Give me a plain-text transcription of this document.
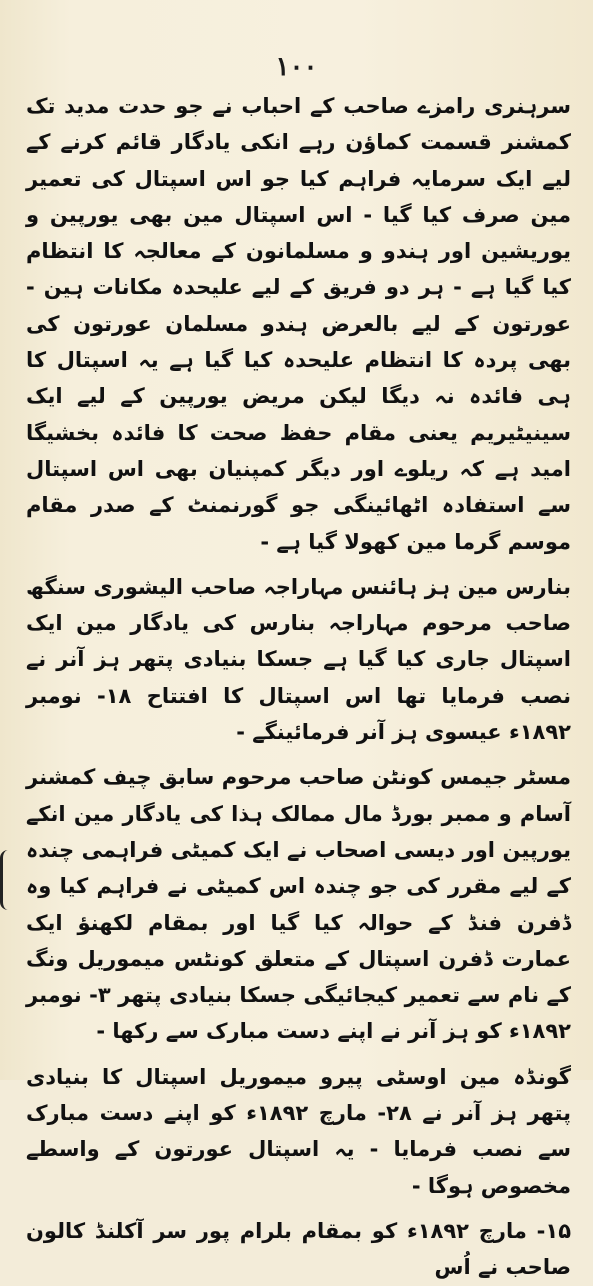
۱۰۰

سرہنری رامزے صاحب کے احباب نے جو حدت مدید تک کمشنر قسمت کماؤن رہے انکی یادگار قائم کرنے کے لیے ایک سرمایہ فراہم کیا جو اس اسپتال کی تعمیر مین صرف کیا گیا - اس اسپتال مین بھی یورپین و یوریشین اور ہندو و مسلمانون کے معالجہ کا انتظام کیا گیا ہے - ہر دو فریق کے لیے علیحدہ مکانات ہین - عورتون کے لیے بالعرض ہندو مسلمان عورتون کی بھی پردہ کا انتظام علیحدہ کیا گیا ہے یہ اسپتال کا ہی فائدہ نہ دیگا لیکن مریض یورپین کے لیے ایک سینیٹیریم یعنی مقام حفظ صحت کا فائدہ بخشیگا امید ہے کہ ریلوے اور دیگر کمپنیان بھی اس اسپتال سے استفادہ اٹھائینگی جو گورنمنٹ کے صدر مقام موسم گرما مین کھولا گیا ہے -

بنارس مین ہز ہائنس مہاراجہ صاحب الیشوری سنگھ صاحب مرحوم مہاراجہ بنارس کی یادگار مین ایک اسپتال جاری کیا گیا ہے جسکا بنیادی پتھر ہز آنر نے نصب فرمایا تھا اس اسپتال کا افتتاح ۱۸- نومبر ۱۸۹۲ء عیسوی ہز آنر فرمائینگے -

مسٹر جیمس کونٹن صاحب مرحوم سابق چیف کمشنر آسام و ممبر بورڈ مال ممالک ہذا کی یادگار مین انکے یورپین اور دیسی اصحاب نے ایک کمیٹی فراہمی چندہ کے لیے مقرر کی جو چندہ اس کمیٹی نے فراہم کیا وہ ڈفرن فنڈ کے حوالہ کیا گیا اور بمقام لکھنؤ ایک عمارت ڈفرن اسپتال کے متعلق کونٹس میموریل ونگ کے نام سے تعمیر کیجائیگی جسکا بنیادی پتھر ۳- نومبر ۱۸۹۲ء کو ہز آنر نے اپنے دست مبارک سے رکھا -

گونڈہ مین اوسٹی پیرو میموریل اسپتال کا بنیادی پتھر ہز آنر نے ۲۸- مارچ ۱۸۹۲ء کو اپنے دست مبارک سے نصب فرمایا - یہ اسپتال عورتون کے واسطے مخصوص ہوگا -

۱۵- مارچ ۱۸۹۲ء کو بمقام بلرام پور سر آکلنڈ کالون صاحب نے اُس
